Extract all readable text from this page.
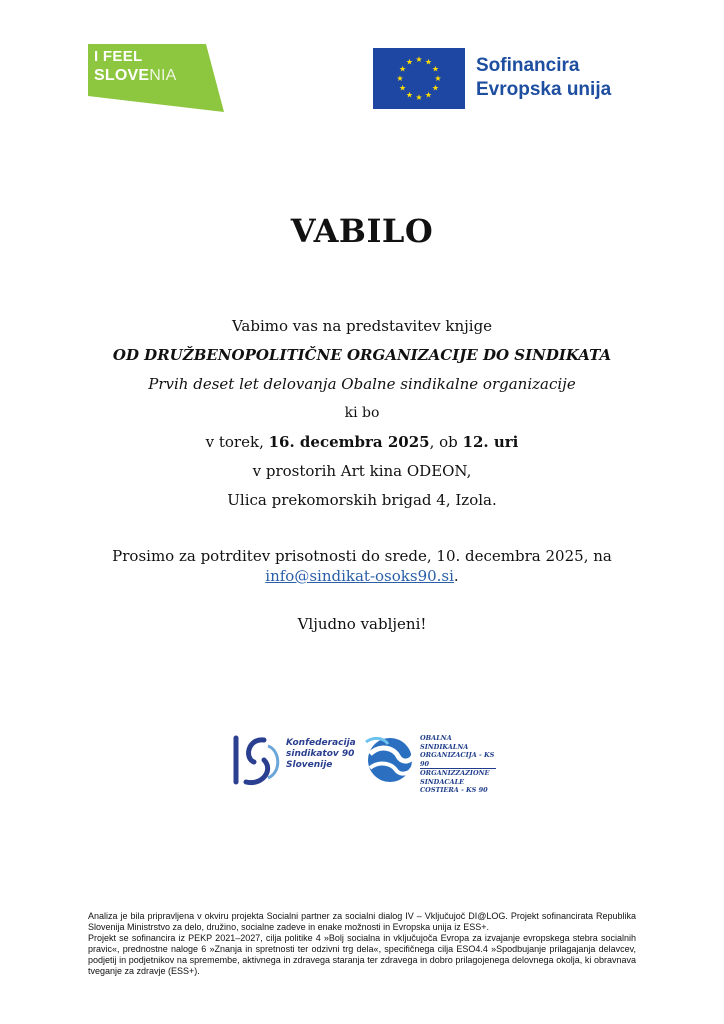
I FEEL
SLOVENIA
★ ★
★
★
★
★
★
★
★
★
★
★	Sofinancira
Evropska unija
VABILO

Vabimo vas na predstavitev knjige

OD DRUŽBENOPOLITIČNE ORGANIZACIJE DO SINDIKATA

Prvih deset let delovanja Obalne sindikalne organizacije

ki bo

v torek, 16. decembra 2025, ob 12. uri

v prostorih Art kina ODEON,

Ulica prekomorskih brigad 4, Izola.

Prosimo za potrditev prisotnosti do srede, 10. decembra 2025, na

info@sindikat-osoks90.si.

Vljudno vabljeni!

Konfederacija
sindikatov 90
Slovenije
OBALNA
SINDIKALNA
ORGANIZACIJA - KS 90
ORGANIZZAZIONE
SINDACALE
COSTIERA - KS 90

Analiza je bila pripravljena v okviru projekta Socialni partner za socialni dialog IV – Vključujoč DI@LOG. Projekt sofinancirata Republika Slovenija Ministrstvo za delo, družino, socialne zadeve in enake možnosti in Evropska unija iz ESS+.

Projekt se sofinancira iz PEKP 2021–2027, cilja politike 4 »Bolj socialna in vključujoča Evropa za izvajanje evropskega stebra socialnih pravic«, prednostne naloge 6 »Znanja in spretnosti ter odzivni trg dela«, specifičnega cilja ESO4.4 »Spodbujanje prilagajanja delavcev, podjetij in podjetnikov na spremembe, aktivnega in zdravega staranja ter zdravega in dobro prilagojenega delovnega okolja, ki obravnava tveganje za zdravje (ESS+).
